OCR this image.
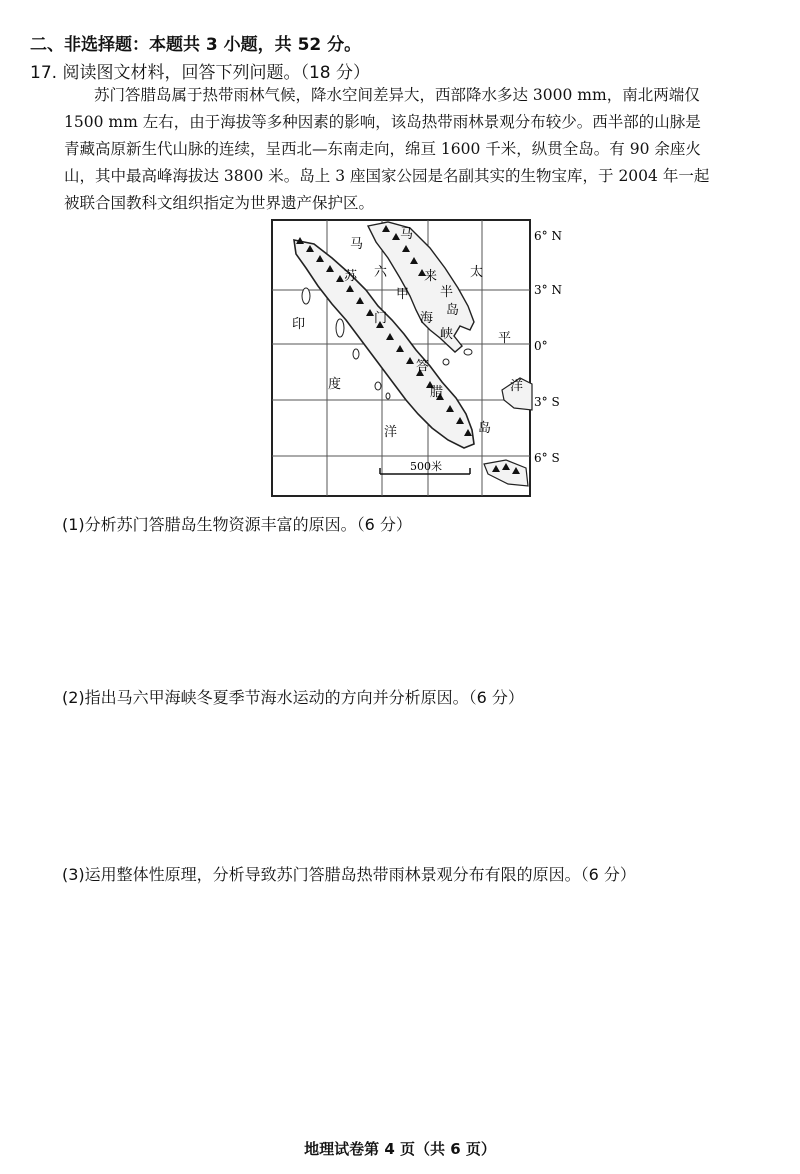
二、非选择题：本题共 3 小题，共 52 分。
17. 阅读图文材料，回答下列问题。（18 分）
苏门答腊岛属于热带雨林气候，降水空间差异大，西部降水多达 3000 mm，南北两端仅
1500 mm 左右，由于海拔等多种因素的影响，该岛热带雨林景观分布较少。西半部的山脉是
青藏高原新生代山脉的连续，呈西北—东南走向，绵亘 1600 千米，纵贯全岛。有 90 余座火
山，其中最高峰海拔达 3800 米。岛上 3 座国家公园是名副其实的生物宝库，于 2004 年一起
被联合国教科文组织指定为世界遗产保护区。
马
苏
门
答
腊
岛
六
甲
海
峡
马
来
半
岛
太
平
洋
印
度
洋
500米
6° N
3° N
0°
3° S
6° S
(1)分析苏门答腊岛生物资源丰富的原因。（6 分）
(2)指出马六甲海峡冬夏季节海水运动的方向并分析原因。（6 分）
(3)运用整体性原理，分析导致苏门答腊岛热带雨林景观分布有限的原因。（6 分）
地理试卷第 4 页（共 6 页）
